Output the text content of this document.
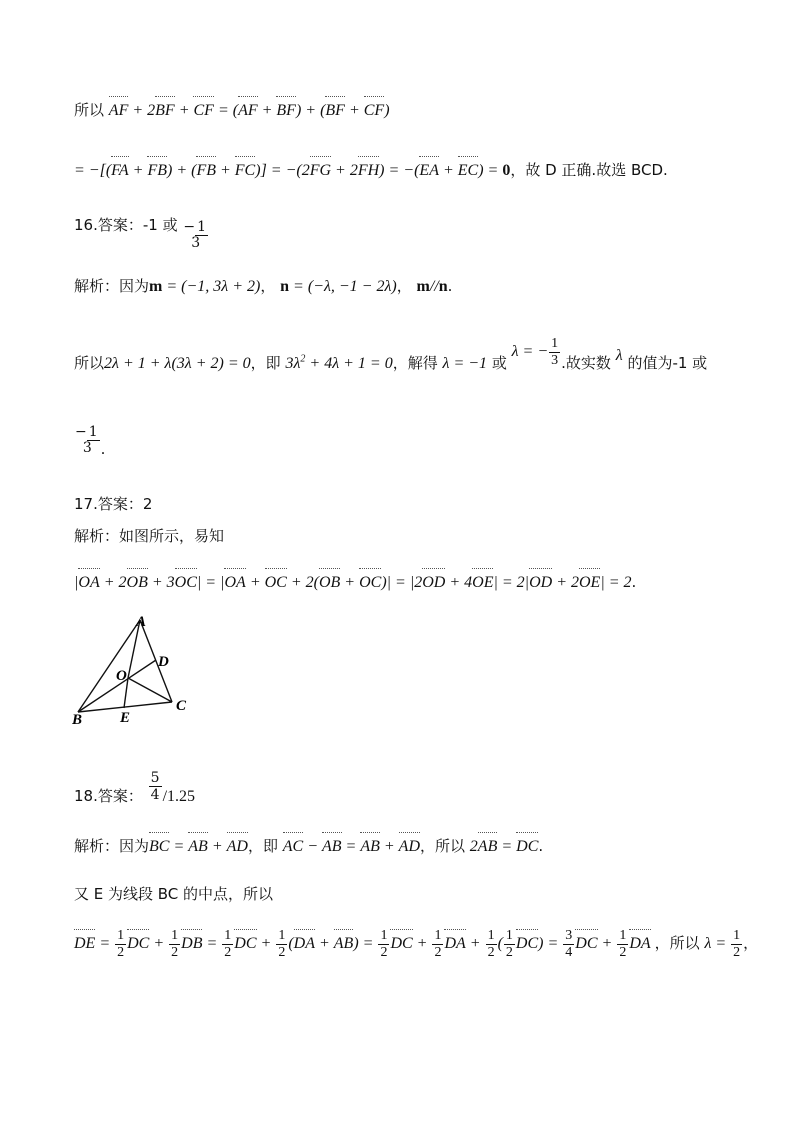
所以 AF + 2BF + CF = (AF + BF) + (BF + CF)
= −[(FA + FB) + (FB + FC)] = −(2FG + 2FH) = −(EA + EC) = 0，故 D 正确.故选 BCD.
16.答案：-1 或 − 1
3
解析：因为m = (−1, 3λ + 2)， n = (−λ, −1 − 2λ)， m//n.
所以2λ + 1 + λ(3λ + 2) = 0，即 $3\lambda^2 + 4\lambda + 1 = 0$，解得 λ = −1 或 λ = − $\frac{1}{3}$ .故实数 λ 的值为-1 或
− 1
3 .
17.答案：2
解析：如图所示，易知
|OA + 2OB + 3OC| = |OA + OC + 2(OB + OC)| = |2OD + 4OE| = 2|OD + 2OE| = 2.
A
D
O
C
B	E
18.答案： $\frac{5}{4} /1.25$
解析：因为BC = AB + AD，即 AC − AB = AB + AD，所以 2AB = DC.
又 E 为线段 BC 的中点，所以
DE = $\frac{1}{2}$ DC + $\frac{1}{2}$ DB = $\frac{1}{2}$ DC + $\frac{1}{2} (DA + AB) = \frac{1}{2}$ DC + $\frac{1}{2}$ DA + $\frac{1}{2}$ ( $\frac{1}{2} DC) = \frac{3}{4}$ DC + $\frac{1}{2}$ DA ，所以 $\lambda = \frac{1}{2}$ ，
